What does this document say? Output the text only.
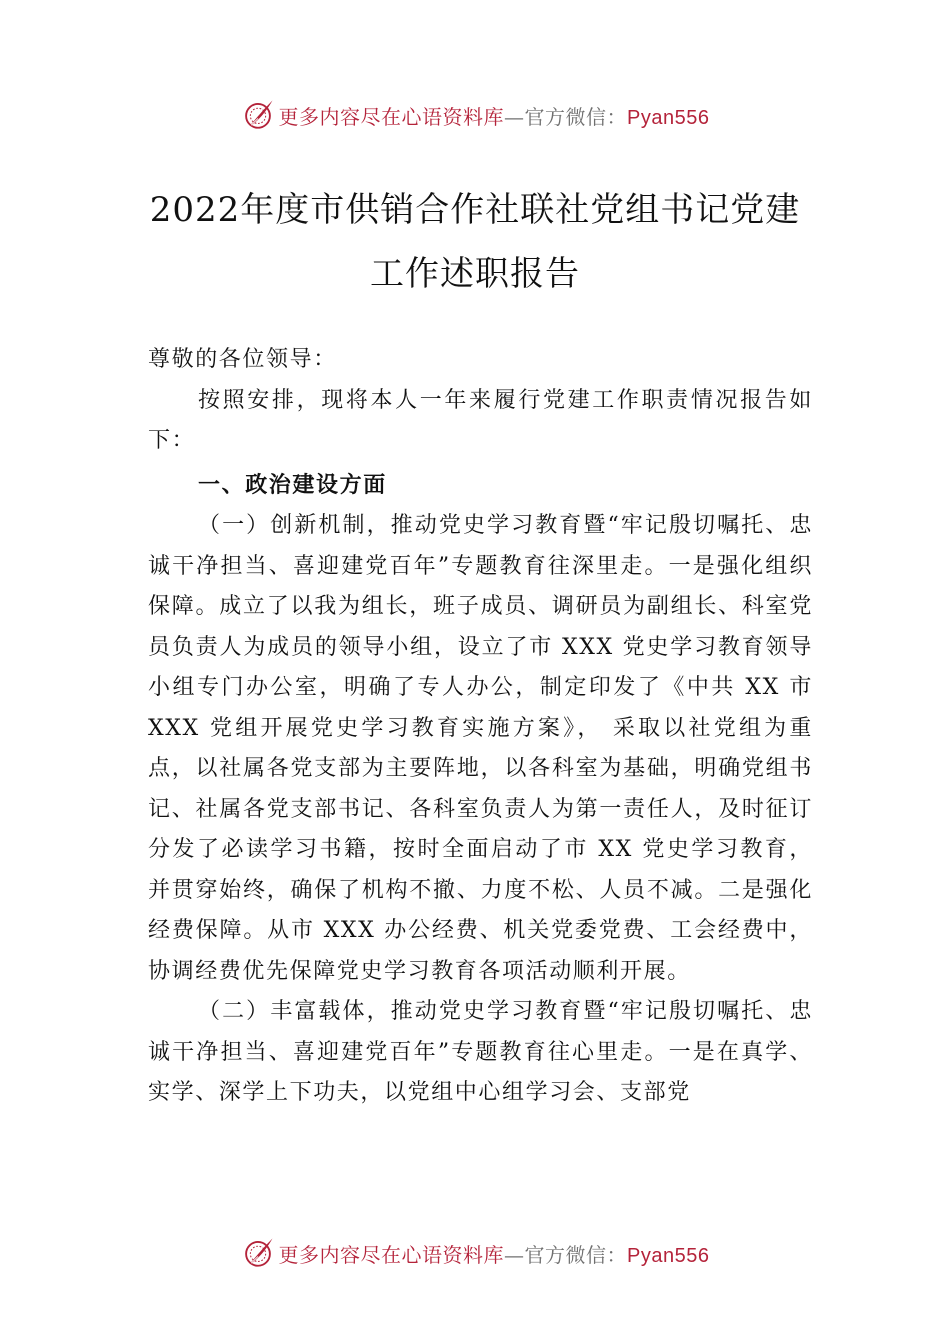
更多内容尽在心语资料库—官方微信：Pyan556
2022年度市供销合作社联社党组书记党建
工作述职报告

尊敬的各位领导：

按照安排，现将本人一年来履行党建工作职责情况报告如下：

一、政治建设方面

（一）创新机制，推动党史学习教育暨“牢记殷切嘱托、忠诚干净担当、喜迎建党百年”专题教育往深里走。一是强化组织保障。成立了以我为组长，班子成员、调研员为副组长、科室党员负责人为成员的领导小组，设立了市 XXX 党史学习教育领导小组专门办公室，明确了专人办公，制定印发了《中共 XX 市 XXX 党组开展党史学习教育实施方案》， 采取以社党组为重点，以社属各党支部为主要阵地，以各科室为基础，明确党组书记、社属各党支部书记、各科室负责人为第一责任人，及时征订分发了必读学习书籍，按时全面启动了市 XX 党史学习教育，并贯穿始终，确保了机构不撤、力度不松、人员不减。二是强化经费保障。从市 XXX 办公经费、机关党委党费、工会经费中，协调经费优先保障党史学习教育各项活动顺利开展。

（二）丰富载体，推动党史学习教育暨“牢记殷切嘱托、忠诚干净担当、喜迎建党百年”专题教育往心里走。一是在真学、实学、深学上下功夫，以党组中心组学习会、支部党

更多内容尽在心语资料库—官方微信：Pyan556
